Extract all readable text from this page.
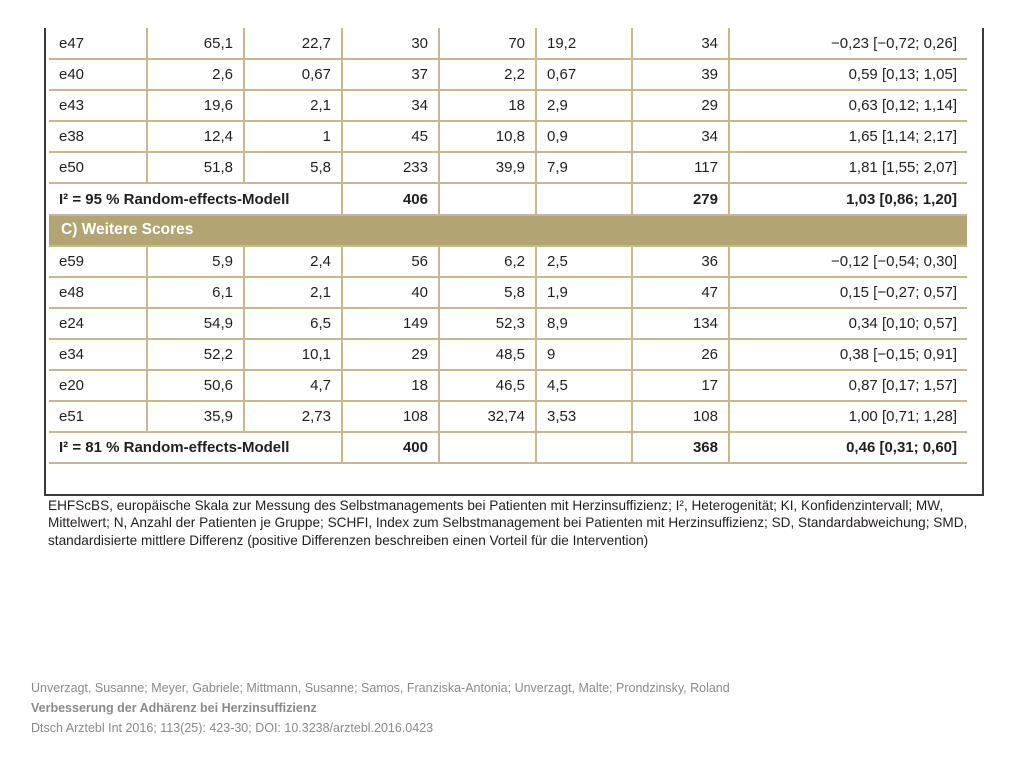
e47	65,1	22,7	30	70	19,2	34	−0,23 [−0,72; 0,26]
e40	2,6	0,67	37	2,2	0,67	39	0,59 [0,13; 1,05]
e43	19,6	2,1	34	18	2,9	29	0,63 [0,12; 1,14]
e38	12,4	1	45	10,8	0,9	34	1,65 [1,14; 2,17]
e50	51,8	5,8	233	39,9	7,9	117	1,81 [1,55; 2,07]
I² = 95 % Random-effects-Modell			406			279	1,03 [0,86; 1,20]
C) Weitere Scores							
e59	5,9	2,4	56	6,2	2,5	36	−0,12 [−0,54; 0,30]
e48	6,1	2,1	40	5,8	1,9	47	0,15 [−0,27; 0,57]
e24	54,9	6,5	149	52,3	8,9	134	0,34 [0,10; 0,57]
e34	52,2	10,1	29	48,5	9	26	0,38 [−0,15; 0,91]
e20	50,6	4,7	18	46,5	4,5	17	0,87 [0,17; 1,57]
e51	35,9	2,73	108	32,74	3,53	108	1,00 [0,71; 1,28]
I² = 81 % Random-effects-Modell			400			368	0,46 [0,31; 0,60]

EHFScBS, europäische Skala zur Messung des Selbstmanagements bei Patienten mit Herzinsuffizienz; I², Heterogenität; KI, Konfidenzintervall; MW, Mittelwert; N, Anzahl der Patienten je Gruppe; SCHFI, Index zum Selbstmanagement bei Patienten mit Herzinsuffizienz; SD, Standardabweichung; SMD, standardisierte mittlere Differenz (positive Differenzen beschreiben einen Vorteil für die Intervention)

Unverzagt, Susanne; Meyer, Gabriele; Mittmann, Susanne; Samos, Franziska-Antonia; Unverzagt, Malte; Prondzinsky, Roland
Verbesserung der Adhärenz bei Herzinsuffizienz
Dtsch Arztebl Int 2016; 113(25): 423-30; DOI: 10.3238/arztebl.2016.0423
